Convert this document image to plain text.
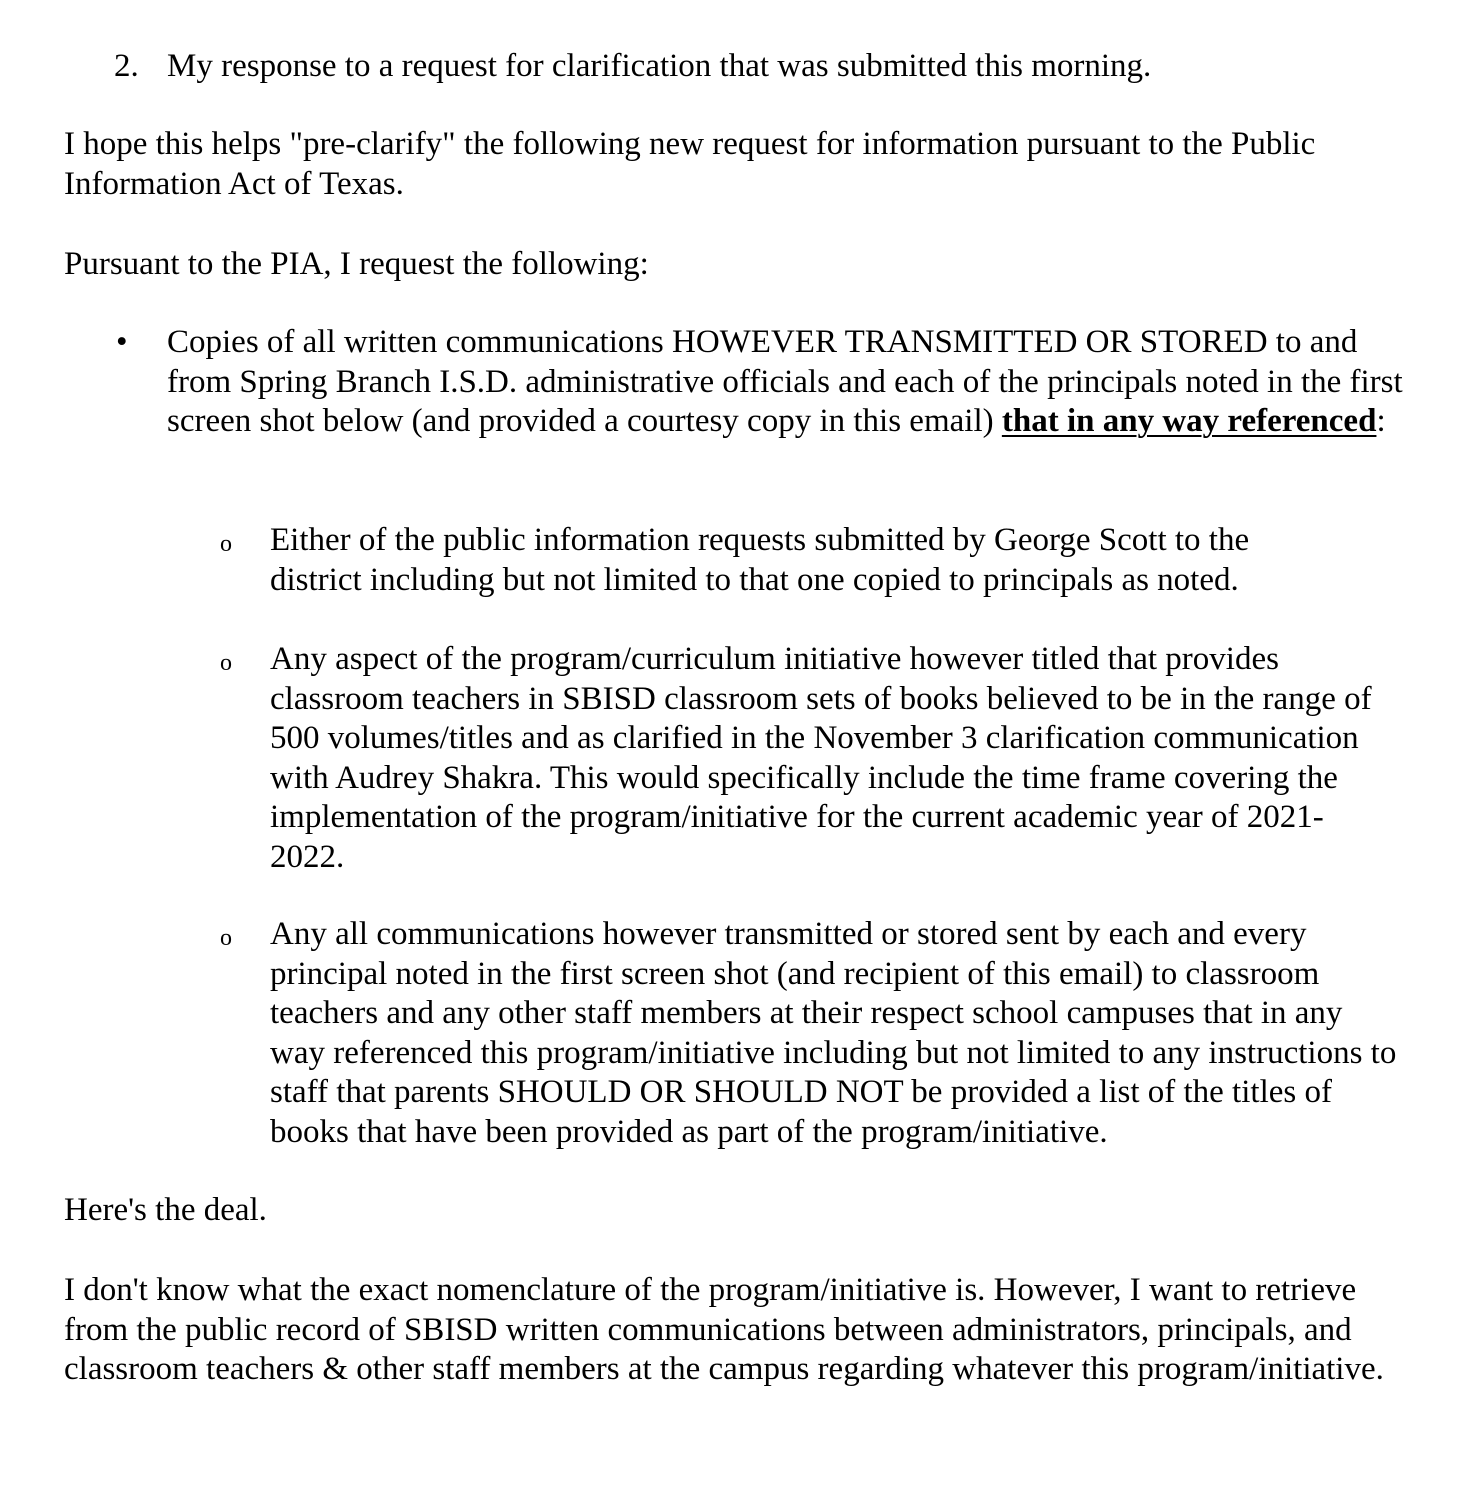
2. My response to a request for clarification that was submitted this morning.

I hope this helps "pre-clarify" the following new request for information pursuant to the Public Information Act of Texas.

Pursuant to the PIA, I request the following:

• Copies of all written communications HOWEVER TRANSMITTED OR STORED to and from Spring Branch I.S.D. administrative officials and each of the principals noted in the first screen shot below (and provided a courtesy copy in this email) that in any way referenced:
o Either of the public information requests submitted by George Scott to the district including but not limited to that one copied to principals as noted.
o Any aspect of the program/curriculum initiative however titled that provides classroom teachers in SBISD classroom sets of books believed to be in the range of 500 volumes/titles and as clarified in the November 3 clarification communication with Audrey Shakra. This would specifically include the time frame covering the implementation of the program/initiative for the current academic year of 2021-2022.
o Any all communications however transmitted or stored sent by each and every principal noted in the first screen shot (and recipient of this email) to classroom teachers and any other staff members at their respect school campuses that in any way referenced this program/initiative including but not limited to any instructions to staff that parents SHOULD OR SHOULD NOT be provided a list of the titles of books that have been provided as part of the program/initiative.

Here's the deal.

I don't know what the exact nomenclature of the program/initiative is. However, I want to retrieve from the public record of SBISD written communications between administrators, principals, and classroom teachers & other staff members at the campus regarding whatever this program/initiative.
